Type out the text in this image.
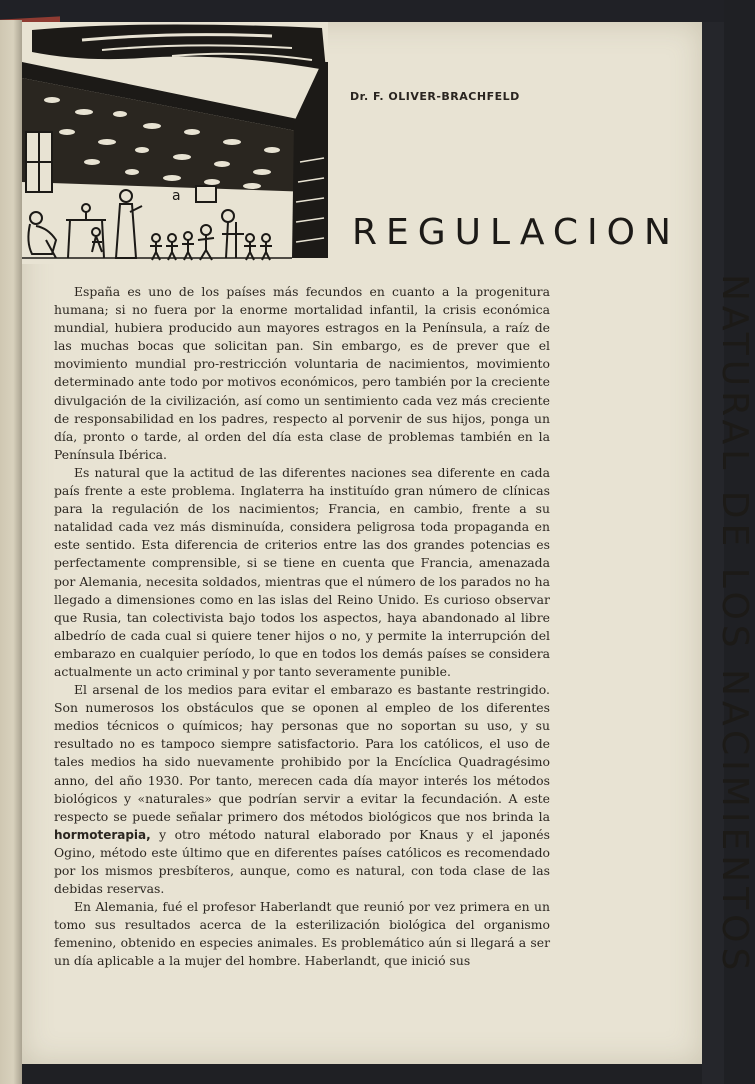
a
Dr. F. OLIVER-BRACHFELD
REGULACION
NATURAL DE LOS NACIMIENTOS

España es uno de los países más fecundos en cuanto a la progenitura humana; si no fuera por la enorme mortalidad infantil, la crisis económica mundial, hubiera producido aun mayores estragos en la Península, a raíz de las muchas bocas que solicitan pan. Sin embargo, es de prever que el movimiento mundial pro-restricción voluntaria de nacimientos, movimiento determinado ante todo por motivos económicos, pero también por la creciente divulgación de la civilización, así como un sentimiento cada vez más creciente de responsabilidad en los padres, respecto al porvenir de sus hijos, ponga un día, pronto o tarde, al orden del día esta clase de problemas también en la Península Ibérica.

Es natural que la actitud de las diferentes naciones sea diferente en cada país frente a este problema. Inglaterra ha instituído gran número de clínicas para la regulación de los nacimientos; Francia, en cambio, frente a su natalidad cada vez más disminuída, considera peligrosa toda propaganda en este sentido. Esta diferencia de criterios entre las dos grandes potencias es perfectamente comprensible, si se tiene en cuenta que Francia, amenazada por Alemania, necesita soldados, mientras que el número de los parados no ha llegado a dimensiones como en las islas del Reino Unido. Es curioso observar que Rusia, tan colectivista bajo todos los aspectos, haya abandonado al libre albedrío de cada cual si quiere tener hijos o no, y permite la interrupción del embarazo en cualquier período, lo que en todos los demás países se considera actualmente un acto criminal y por tanto severamente punible.

El arsenal de los medios para evitar el embarazo es bastante restringido. Son numerosos los obstáculos que se oponen al empleo de los diferentes medios técnicos o químicos; hay personas que no soportan su uso, y su resultado no es tampoco siempre satisfactorio. Para los católicos, el uso de tales medios ha sido nuevamente prohibido por la Encíclica Quadragésimo anno, del año 1930. Por tanto, merecen cada día mayor interés los métodos biológicos y «naturales» que podrían servir a evitar la fecundación. A este respecto se puede señalar primero dos métodos biológicos que nos brinda la hormoterapia, y otro método natural elaborado por Knaus y el japonés Ogino, método este último que en diferentes países católicos es recomendado por los mismos presbíteros, aunque, como es natural, con toda clase de las debidas reservas.

En Alemania, fué el profesor Haberlandt que reunió por vez primera en un tomo sus resultados acerca de la esterilización biológica del organismo femenino, obtenido en especies animales. Es problemático aún si llegará a ser un día aplicable a la mujer del hombre. Haberlandt, que inició sus
